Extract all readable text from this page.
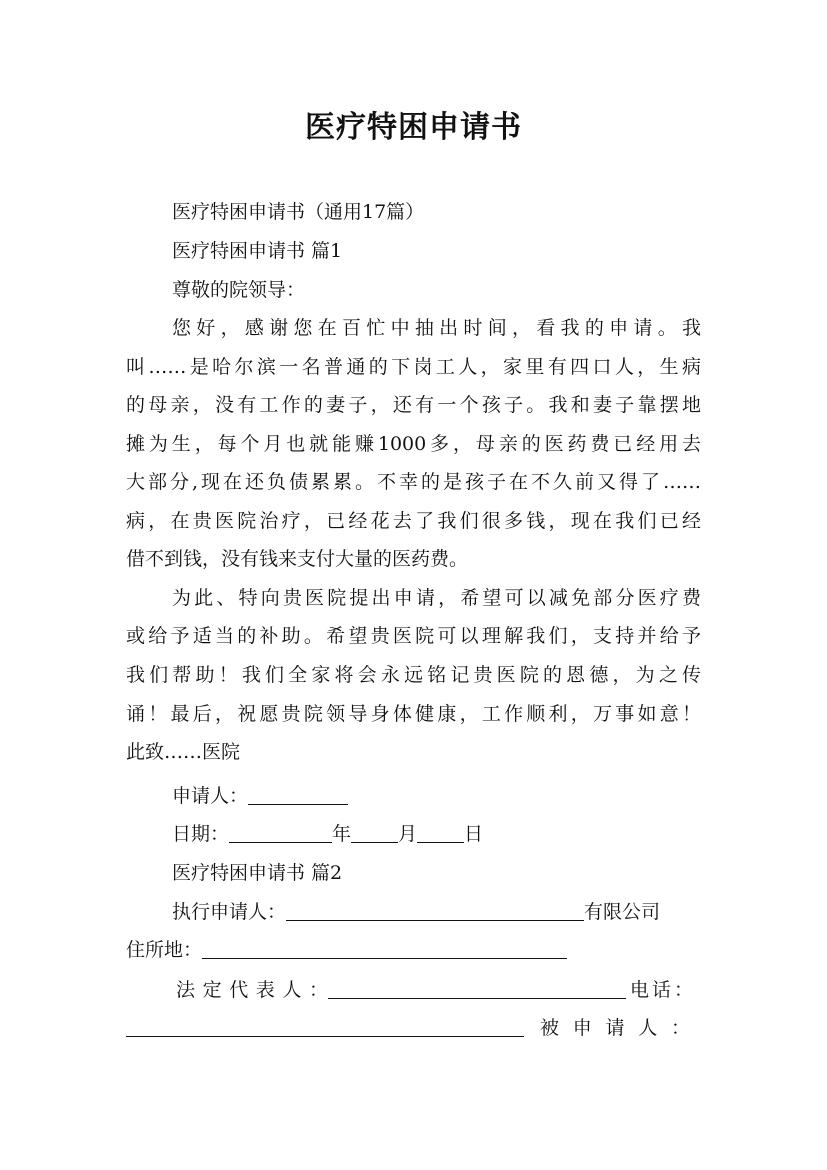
医疗特困申请书
医疗特困申请书（通用17篇）
医疗特困申请书 篇1
尊敬的院领导：
您好，感谢您在百忙中抽出时间，看我的申请。我
叫……是哈尔滨一名普通的下岗工人，家里有四口人，生病
的母亲，没有工作的妻子，还有一个孩子。我和妻子靠摆地
摊为生，每个月也就能赚1000多，母亲的医药费已经用去
大部分,现在还负债累累。不幸的是孩子在不久前又得了……
病，在贵医院治疗，已经花去了我们很多钱，现在我们已经
借不到钱，没有钱来支付大量的医药费。
为此、特向贵医院提出申请，希望可以减免部分医疗费
或给予适当的补助。希望贵医院可以理解我们，支持并给予
我们帮助！我们全家将会永远铭记贵医院的恩德，为之传
诵！最后，祝愿贵院领导身体健康，工作顺利，万事如意！
此致……医院
申请人：
日期：	年 月 日
医疗特困申请书 篇2
执行申请人：	有限公司
住所地：
法定代表人：	电话：
被申请人：
